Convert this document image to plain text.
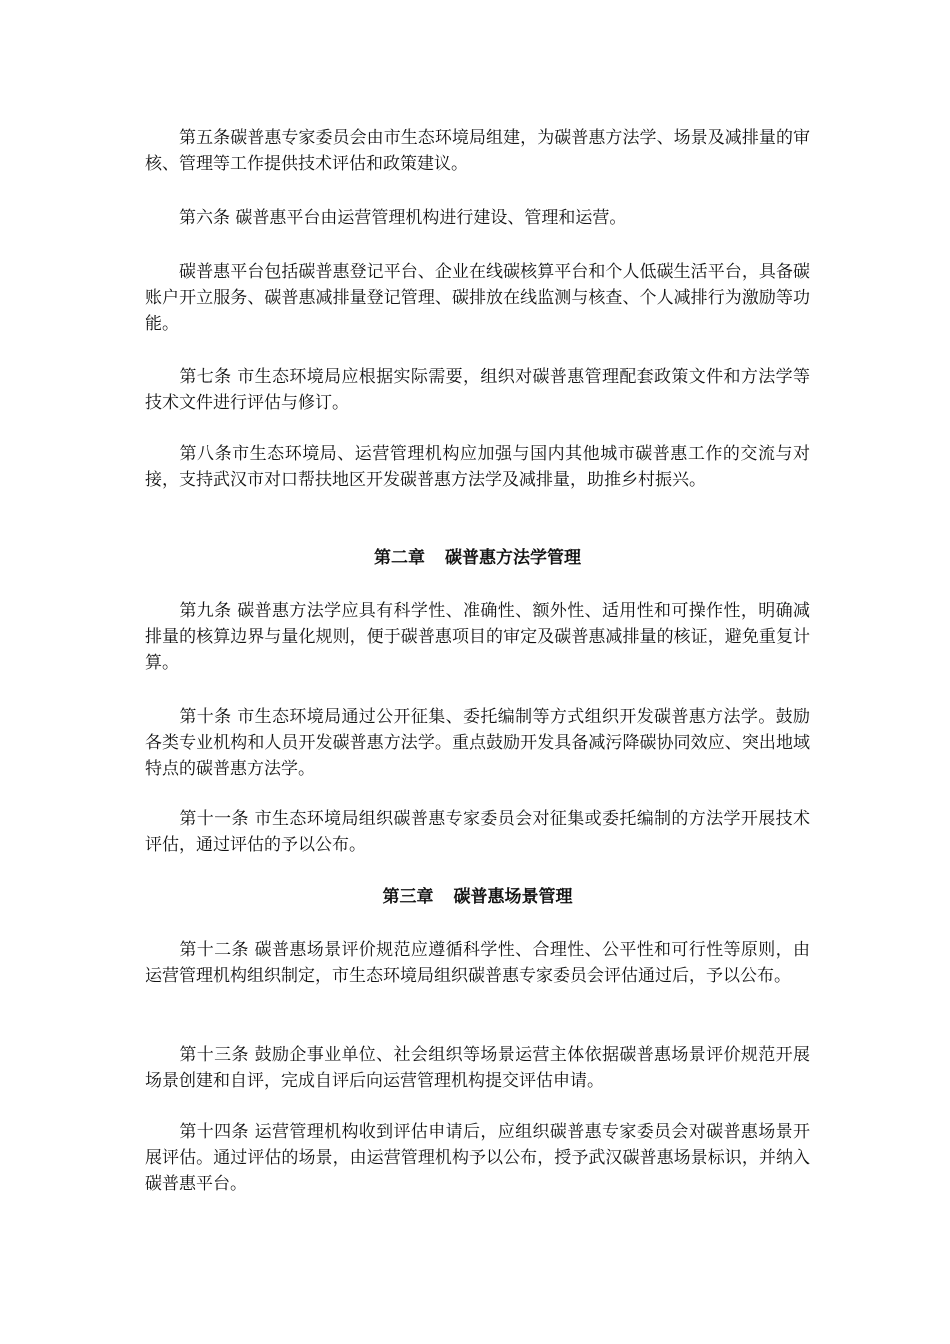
第五条碳普惠专家委员会由市生态环境局组建，为碳普惠方法学、场景及减排量的审核、管理等工作提供技术评估和政策建议。

第六条 碳普惠平台由运营管理机构进行建设、管理和运营。

碳普惠平台包括碳普惠登记平台、企业在线碳核算平台和个人低碳生活平台，具备碳账户开立服务、碳普惠减排量登记管理、碳排放在线监测与核查、个人减排行为激励等功能。

第七条 市生态环境局应根据实际需要，组织对碳普惠管理配套政策文件和方法学等技术文件进行评估与修订。

第八条市生态环境局、运营管理机构应加强与国内其他城市碳普惠工作的交流与对接，支持武汉市对口帮扶地区开发碳普惠方法学及减排量，助推乡村振兴。

第二章 碳普惠方法学管理

第九条 碳普惠方法学应具有科学性、准确性、额外性、适用性和可操作性，明确减排量的核算边界与量化规则，便于碳普惠项目的审定及碳普惠减排量的核证，避免重复计算。

第十条 市生态环境局通过公开征集、委托编制等方式组织开发碳普惠方法学。鼓励各类专业机构和人员开发碳普惠方法学。重点鼓励开发具备减污降碳协同效应、突出地域特点的碳普惠方法学。

第十一条 市生态环境局组织碳普惠专家委员会对征集或委托编制的方法学开展技术评估，通过评估的予以公布。

第三章 碳普惠场景管理

第十二条 碳普惠场景评价规范应遵循科学性、合理性、公平性和可行性等原则，由运营管理机构组织制定，市生态环境局组织碳普惠专家委员会评估通过后，予以公布。

第十三条 鼓励企事业单位、社会组织等场景运营主体依据碳普惠场景评价规范开展场景创建和自评，完成自评后向运营管理机构提交评估申请。

第十四条 运营管理机构收到评估申请后，应组织碳普惠专家委员会对碳普惠场景开展评估。通过评估的场景，由运营管理机构予以公布，授予武汉碳普惠场景标识，并纳入碳普惠平台。
